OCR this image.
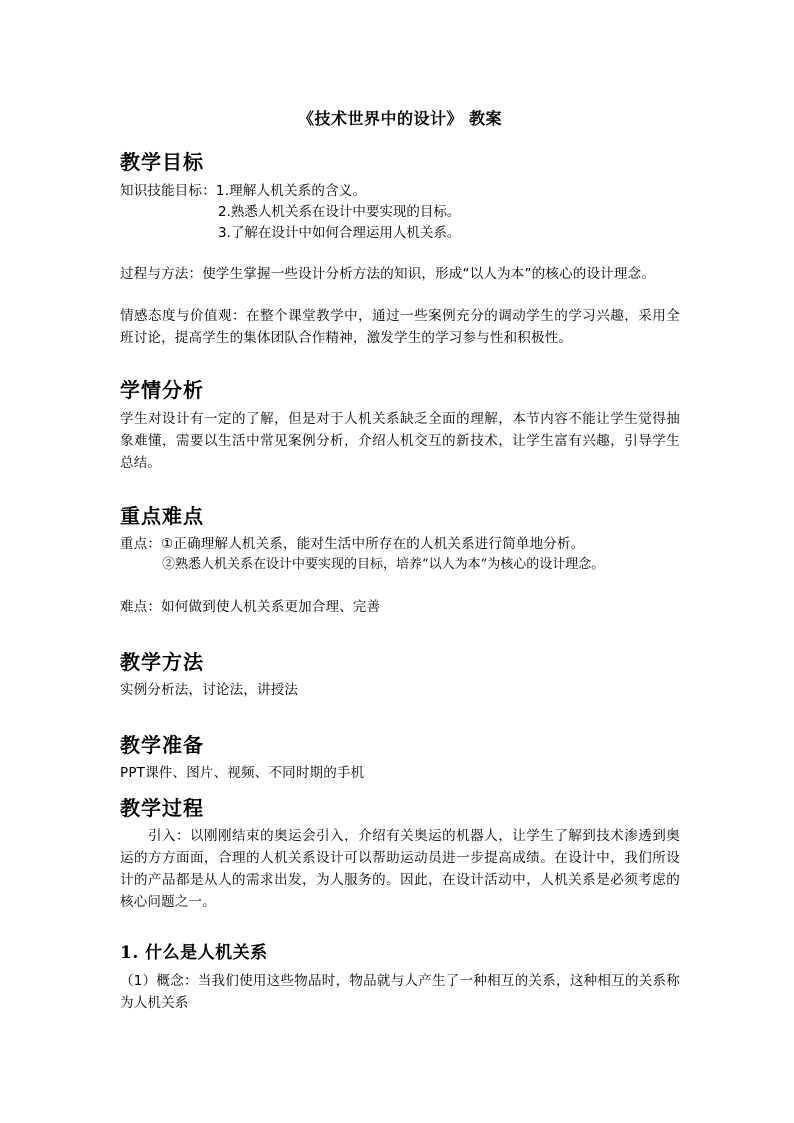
《技术世界中的设计》 教案
教学目标
知识技能目标：1.理解人机关系的含义。
2.熟悉人机关系在设计中要实现的目标。
3.了解在设计中如何合理运用人机关系。
过程与方法：使学生掌握一些设计分析方法的知识，形成“以人为本”的核心的设计理念。
情感态度与价值观：在整个课堂教学中，通过一些案例充分的调动学生的学习兴趣，采用全班讨论，提高学生的集体团队合作精神，激发学生的学习参与性和积极性。
学情分析
学生对设计有一定的了解，但是对于人机关系缺乏全面的理解，本节内容不能让学生觉得抽象难懂，需要以生活中常见案例分析，介绍人机交互的新技术，让学生富有兴趣，引导学生总结。
重点难点
重点：①正确理解人机关系，能对生活中所存在的人机关系进行简单地分析。
②熟悉人机关系在设计中要实现的目标，培养“以人为本”为核心的设计理念。
难点：如何做到使人机关系更加合理、完善
教学方法
实例分析法，讨论法，讲授法
教学准备
PPT课件、图片、视频、不同时期的手机
教学过程
引入：以刚刚结束的奥运会引入，介绍有关奥运的机器人，让学生了解到技术渗透到奥运的方方面面，合理的人机关系设计可以帮助运动员进一步提高成绩。在设计中，我们所设计的产品都是从人的需求出发，为人服务的。因此，在设计活动中，人机关系是必须考虑的核心问题之一。
1. 什么是人机关系
（1）概念：当我们使用这些物品时，物品就与人产生了一种相互的关系，这种相互的关系称为人机关系
